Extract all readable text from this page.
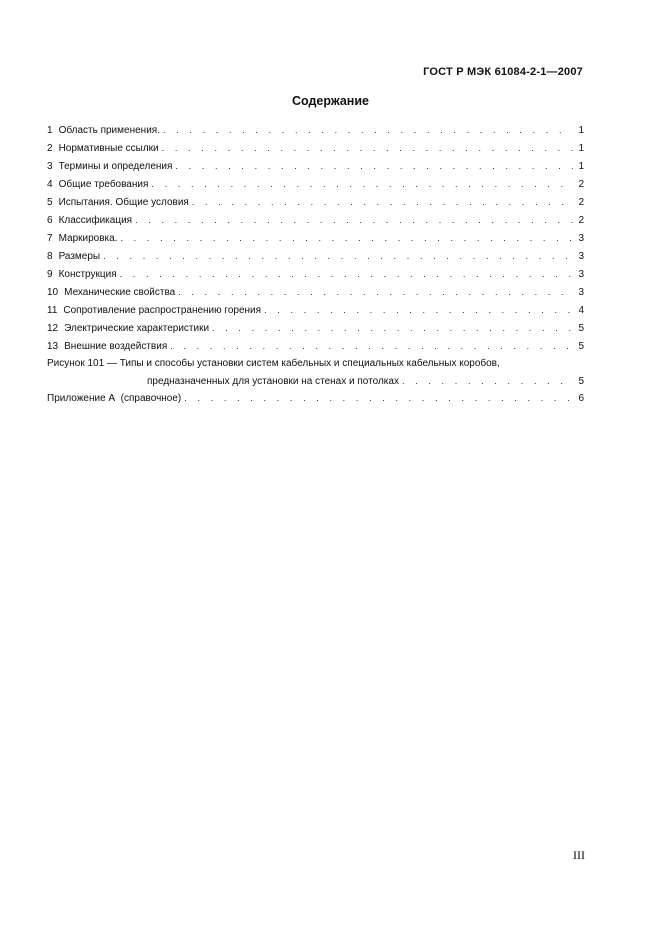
ГОСТ Р МЭК 61084-2-1—2007
Содержание
1 Область применения. . . .	1
2 Нормативные ссылки . . .	1
3 Термины и определения . . .	1
4 Общие требования . . .	2
5 Испытания. Общие условия . . .	2
6 Классификация . . .	2
7 Маркировка. . . .	3
8 Размеры . . .	3
9 Конструкция . . .	3
10 Механические свойства . . .	3
11 Сопротивление распространению горения . . .	4
12 Электрические характеристики . . .	5
13 Внешние воздействия . . .	5
Рисунок 101 — Типы и способы установки систем кабельных и специальных кабельных коробов,
предназначенных для установки на стенах и потолках . . .	5
Приложение А  (справочное) . . .	6
III
